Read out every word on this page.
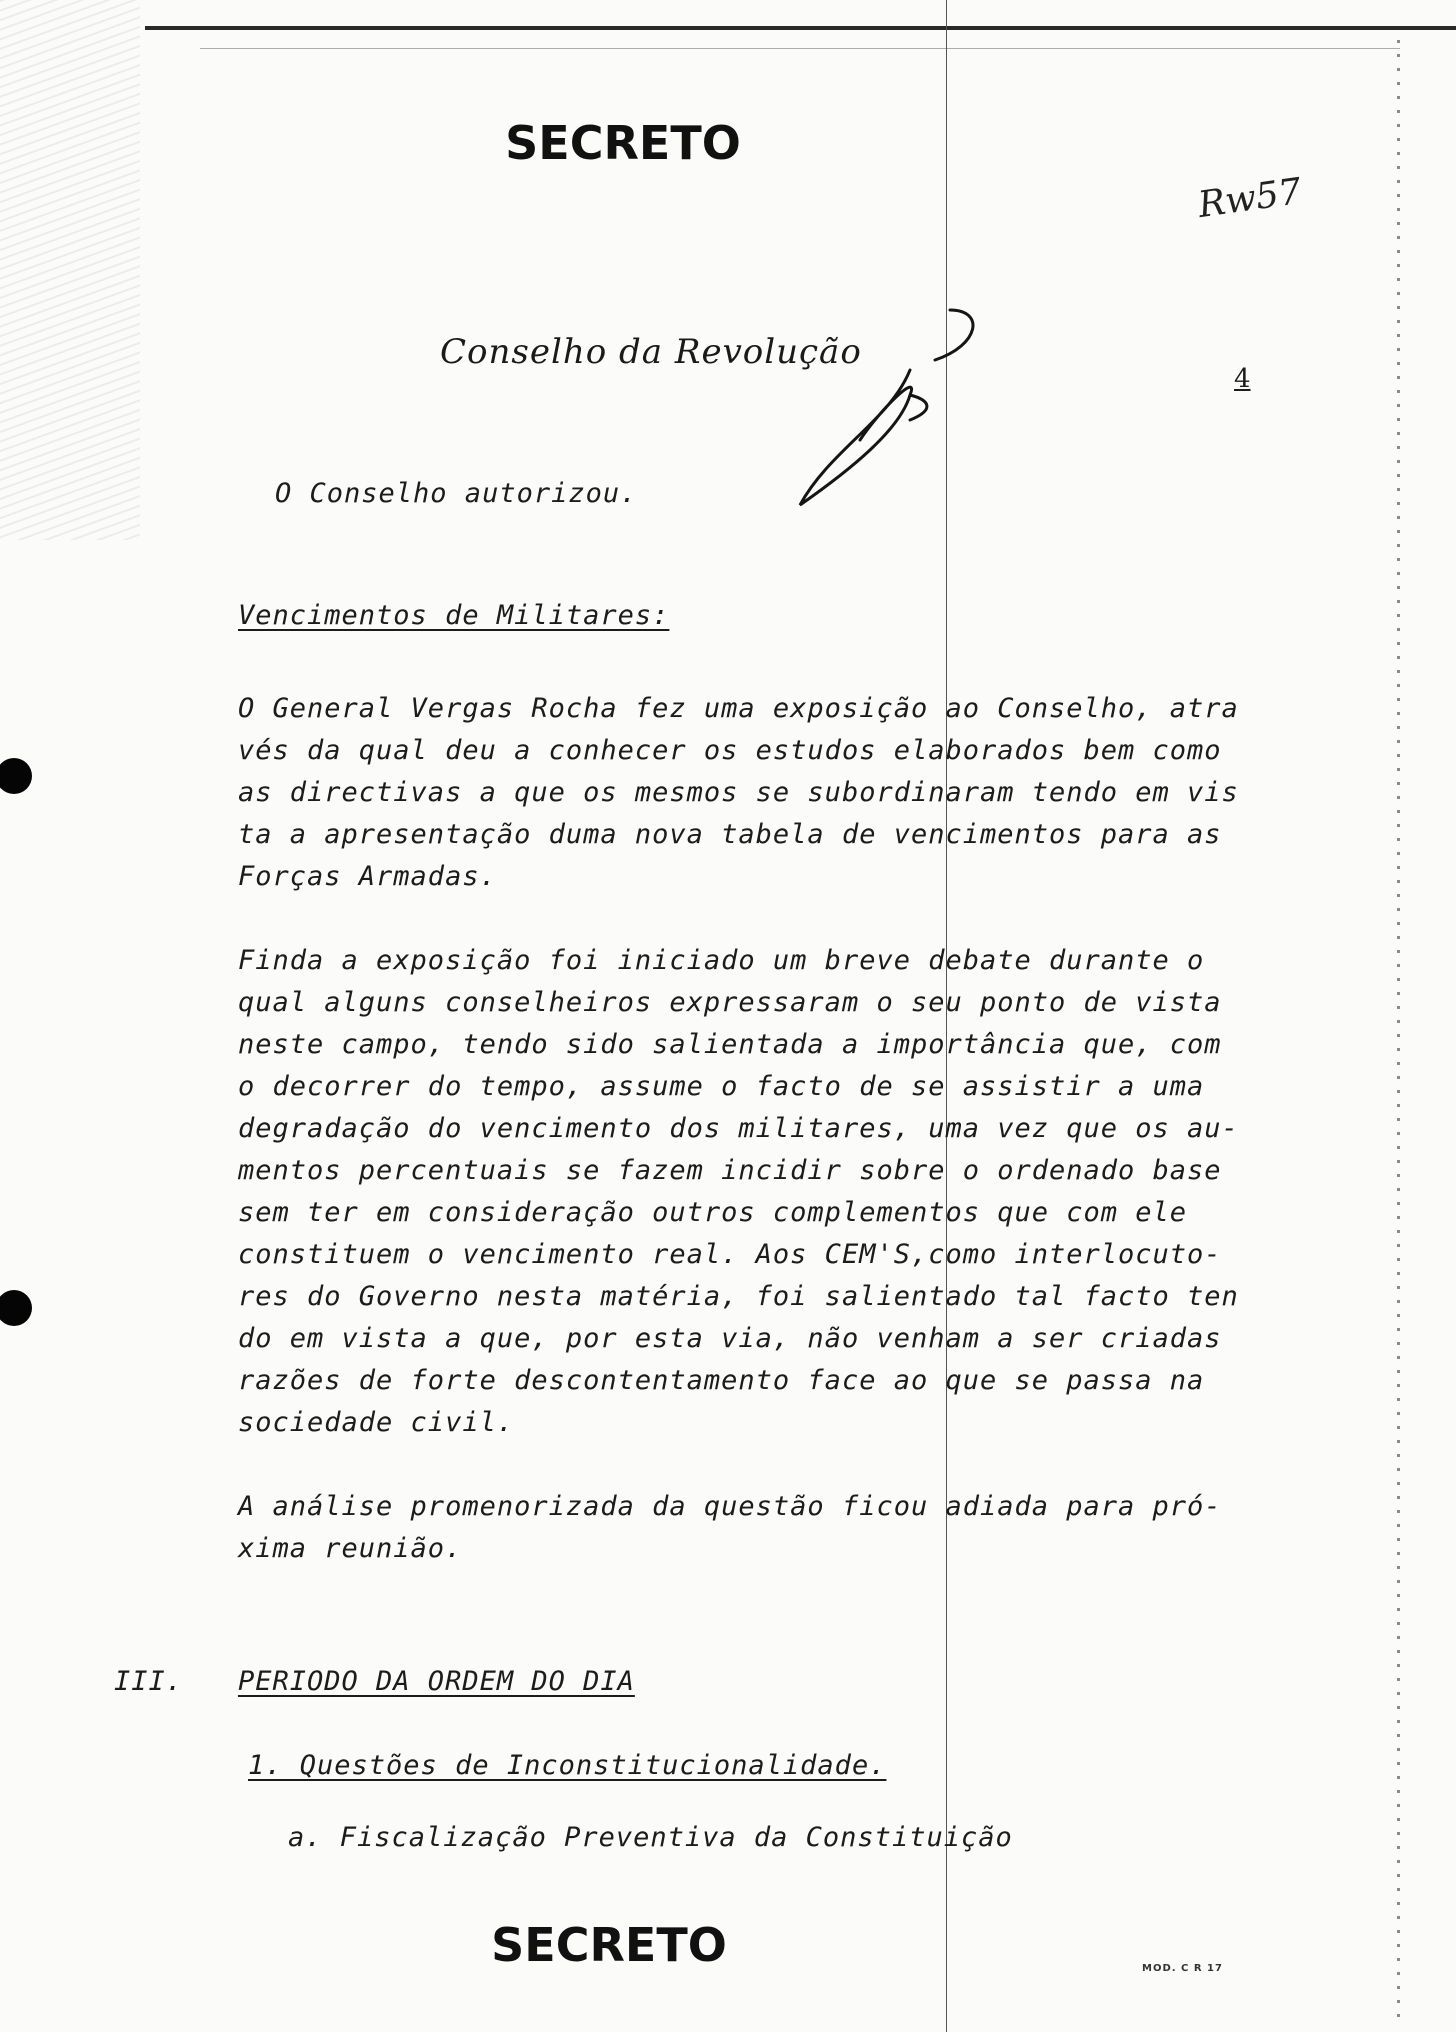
SECRETO
Rw57
Conselho da Revolução
4
O Conselho autorizou.
Vencimentos de Militares:
O General Vergas Rocha fez uma exposição ao Conselho, atra
vés da qual deu a conhecer os estudos elaborados bem como
as directivas a que os mesmos se subordinaram tendo em vis
ta a apresentação duma nova tabela de vencimentos para as
Forças Armadas.
Finda a exposição foi iniciado um breve debate durante o
qual alguns conselheiros expressaram o seu ponto de vista
neste campo, tendo sido salientada a importância que, com
o decorrer do tempo, assume o facto de se assistir a uma
degradação do vencimento dos militares, uma vez que os au-
mentos percentuais se fazem incidir sobre o ordenado base
sem ter em consideração outros complementos que com ele
constituem o vencimento real. Aos CEM'S,como interlocuto-
res do Governo nesta matéria, foi salientado tal facto ten
do em vista a que, por esta via, não venham a ser criadas
razões de forte descontentamento face ao que se passa na
sociedade civil.
A análise promenorizada da questão ficou adiada para pró-
xima reunião.
III. PERIODO DA ORDEM DO DIA
1. Questões de Inconstitucionalidade.
a. Fiscalização Preventiva da Constituição
SECRETO	MOD. C R 17
